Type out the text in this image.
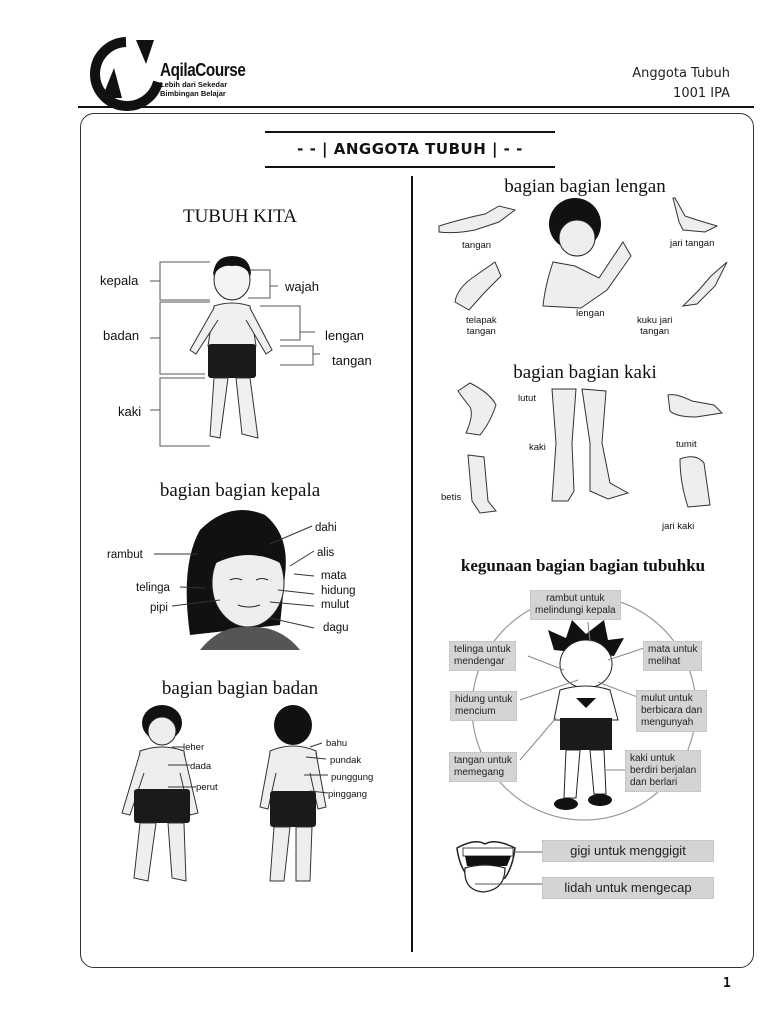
AqilaCourse
Lebih dari Sekedar
Bimbingan Belajar
Anggota Tubuh
1001 IPA
- - | ANGGOTA TUBUH | - -
TUBUH KITA
kepala
badan
kaki
wajah
lengan
tangan
bagian bagian kepala
rambut
telinga
pipi
dahi
alis
mata
hidung
mulut
dagu
bagian bagian badan
leher
dada
perut
bahu
pundak
punggung
pinggang
bagian bagian lengan
tangan	jari tangan
telapak
tangan
lengan
kuku jari
tangan
bagian bagian kaki
lutut
kaki	tumit
betis
jari kaki
kegunaan bagian bagian tubuhku
rambut untuk
melindungi kepala
telinga untuk
mendengar
mata untuk
melihat
hidung untuk
mencium
mulut untuk
berbicara dan
mengunyah
tangan untuk
memegang
kaki untuk
berdiri berjalan
dan berlari
gigi untuk menggigit
lidah untuk mengecap
1
